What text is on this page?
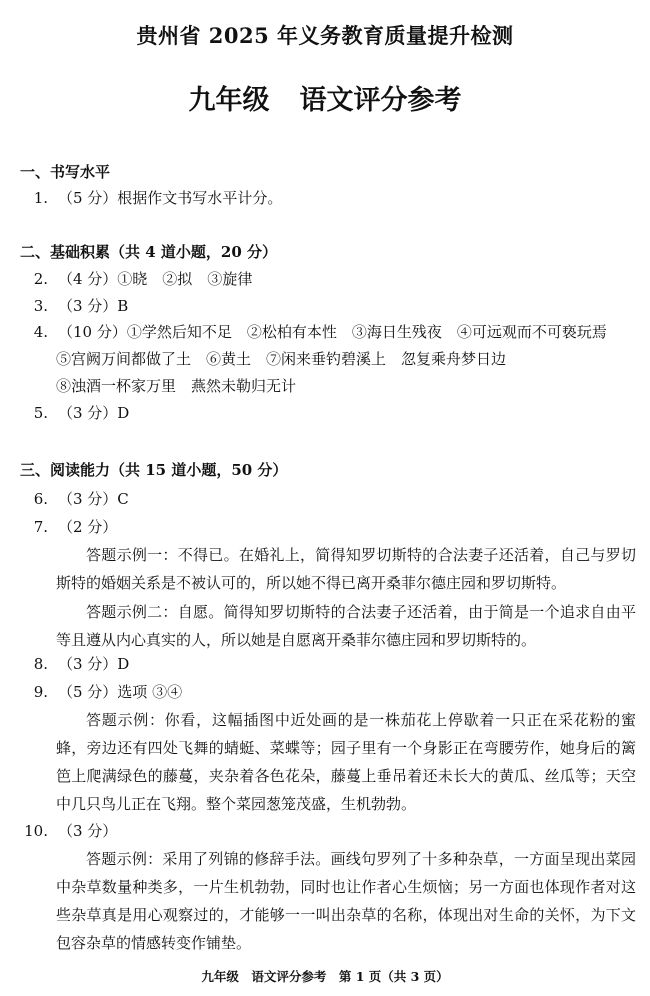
贵州省 2025 年义务教育质量提升检测
九年级 语文评分参考
一、书写水平
1. （5 分）根据作文书写水平计分。
二、基础积累（共 4 道小题，20 分）
2. （4 分）①晓　②拟　③旋律
3. （3 分）B
4. （10 分）①学然后知不足　②松柏有本性　③海日生残夜　④可远观而不可亵玩焉
⑤宫阙万间都做了土　⑥黄土　⑦闲来垂钓碧溪上　忽复乘舟梦日边
⑧浊酒一杯家万里　燕然未勒归无计
5. （3 分）D
三、阅读能力（共 15 道小题，50 分）
6. （3 分）C
7. （2 分）
答题示例一：不得已。在婚礼上，简得知罗切斯特的合法妻子还活着，自己与罗切斯特的婚姻关系是不被认可的，所以她不得已离开桑菲尔德庄园和罗切斯特。
答题示例二：自愿。简得知罗切斯特的合法妻子还活着，由于简是一个追求自由平等且遵从内心真实的人，所以她是自愿离开桑菲尔德庄园和罗切斯特的。
8. （3 分）D
9. （5 分）选项 ③④
答题示例：你看，这幅插图中近处画的是一株茄花上停歇着一只正在采花粉的蜜蜂，旁边还有四处飞舞的蜻蜓、菜蝶等；园子里有一个身影正在弯腰劳作，她身后的篱笆上爬满绿色的藤蔓，夹杂着各色花朵，藤蔓上垂吊着还未长大的黄瓜、丝瓜等；天空中几只鸟儿正在飞翔。整个菜园葱笼茂盛，生机勃勃。
10. （3 分）
答题示例：采用了列锦的修辞手法。画线句罗列了十多种杂草，一方面呈现出菜园中杂草数量种类多，一片生机勃勃，同时也让作者心生烦恼；另一方面也体现作者对这些杂草真是用心观察过的，才能够一一叫出杂草的名称，体现出对生命的关怀，为下文包容杂草的情感转变作铺垫。
九年级　语文评分参考　第 1 页（共 3 页）
